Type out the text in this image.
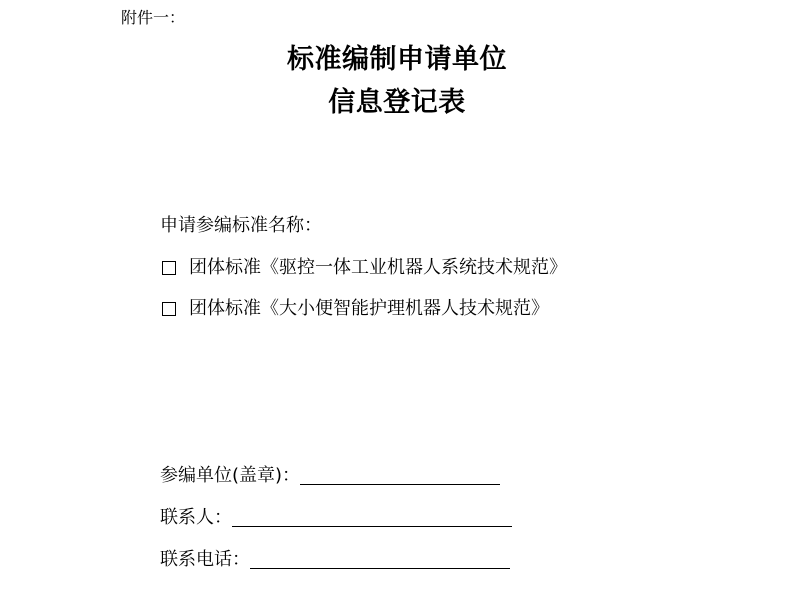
附件一：
标准编制申请单位
信息登记表
申请参编标准名称：
团体标准《驱控一体工业机器人系统技术规范》
团体标准《大小便智能护理机器人技术规范》
参编单位(盖章)：
联系人：
联系电话：
